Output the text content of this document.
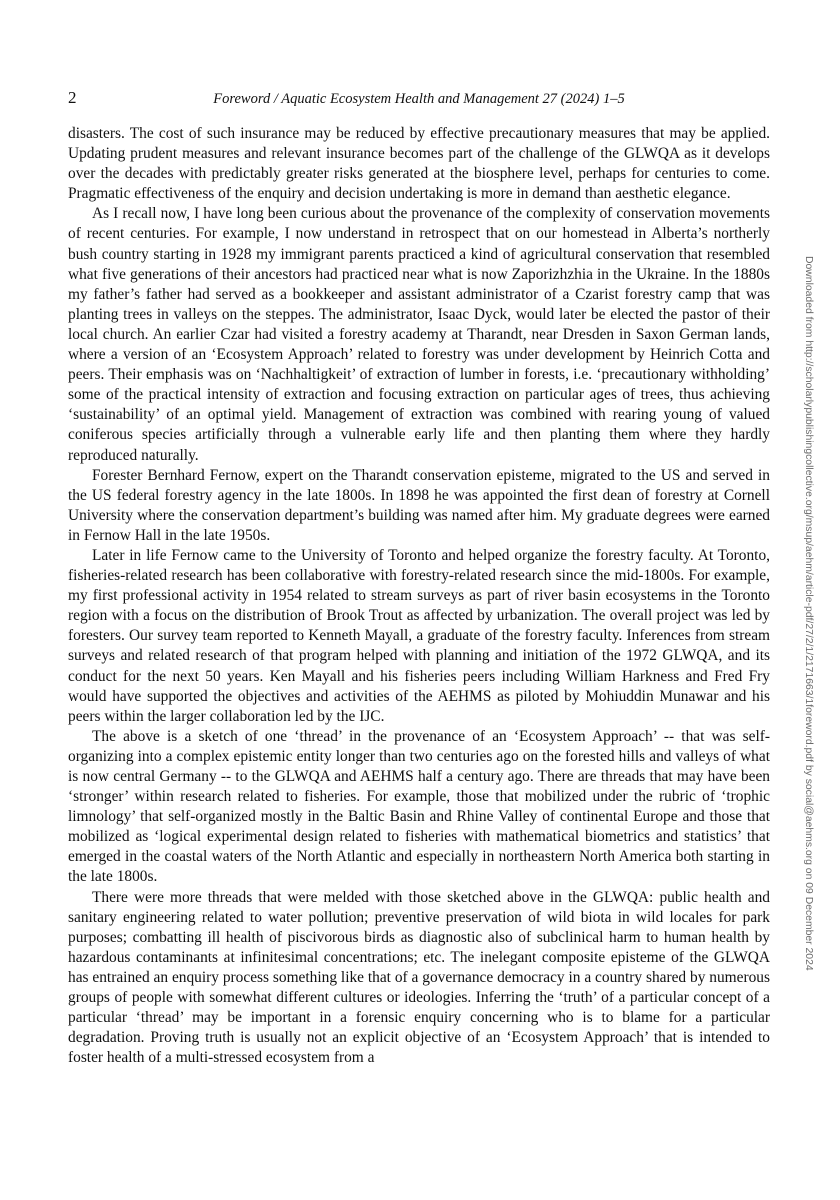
2	Foreword / Aquatic Ecosystem Health and Management 27 (2024) 1–5

disasters. The cost of such insurance may be reduced by effective precautionary measures that may be applied. Updating prudent measures and relevant insurance becomes part of the challenge of the GLWQA as it develops over the decades with predictably greater risks generated at the biosphere level, perhaps for centuries to come. Pragmatic effectiveness of the enquiry and decision undertaking is more in demand than aesthetic elegance.

As I recall now, I have long been curious about the provenance of the complexity of conservation movements of recent centuries. For example, I now understand in retrospect that on our homestead in Alberta’s northerly bush country starting in 1928 my immigrant parents practiced a kind of agricultural conservation that resembled what five generations of their ancestors had practiced near what is now Zaporizhzhia in the Ukraine. In the 1880s my father’s father had served as a bookkeeper and assistant administrator of a Czarist forestry camp that was planting trees in valleys on the steppes. The administrator, Isaac Dyck, would later be elected the pastor of their local church. An earlier Czar had visited a forestry academy at Tharandt, near Dresden in Saxon German lands, where a version of an ‘Ecosystem Approach’ related to forestry was under development by Heinrich Cotta and peers. Their emphasis was on ‘Nachhaltigkeit’ of extraction of lumber in forests, i.e. ‘precautionary withholding’ some of the practical intensity of extraction and focusing extraction on particular ages of trees, thus achieving ‘sustainability’ of an optimal yield. Management of extraction was combined with rearing young of valued coniferous species artificially through a vulnerable early life and then planting them where they hardly reproduced naturally.

Forester Bernhard Fernow, expert on the Tharandt conservation episteme, migrated to the US and served in the US federal forestry agency in the late 1800s. In 1898 he was appointed the first dean of forestry at Cornell University where the conservation department’s building was named after him. My graduate degrees were earned in Fernow Hall in the late 1950s.

Later in life Fernow came to the University of Toronto and helped organize the forestry faculty. At Toronto, fisheries-related research has been collaborative with forestry-related research since the mid-1800s. For example, my first professional activity in 1954 related to stream surveys as part of river basin ecosystems in the Toronto region with a focus on the distribution of Brook Trout as affected by urbanization. The overall project was led by foresters. Our survey team reported to Kenneth Mayall, a graduate of the forestry faculty. Inferences from stream surveys and related research of that program helped with planning and initiation of the 1972 GLWQA, and its conduct for the next 50 years. Ken Mayall and his fisheries peers including William Harkness and Fred Fry would have supported the objectives and activities of the AEHMS as piloted by Mohiuddin Munawar and his peers within the larger collaboration led by the IJC.

The above is a sketch of one ‘thread’ in the provenance of an ‘Ecosystem Approach’ -- that was self-organizing into a complex epistemic entity longer than two centuries ago on the forested hills and valleys of what is now central Germany -- to the GLWQA and AEHMS half a century ago. There are threads that may have been ‘stronger’ within research related to fisheries. For example, those that mobilized under the rubric of ‘trophic limnology’ that self-organized mostly in the Baltic Basin and Rhine Valley of continental Europe and those that mobilized as ‘logical experimental design related to fisheries with mathematical biometrics and statistics’ that emerged in the coastal waters of the North Atlantic and especially in northeastern North America both starting in the late 1800s.

There were more threads that were melded with those sketched above in the GLWQA: public health and sanitary engineering related to water pollution; preventive preservation of wild biota in wild locales for park purposes; combatting ill health of piscivorous birds as diagnostic also of subclinical harm to human health by hazardous contaminants at infinitesimal concentrations; etc. The inelegant composite episteme of the GLWQA has entrained an enquiry process something like that of a governance democracy in a country shared by numerous groups of people with somewhat different cultures or ideologies. Inferring the ‘truth’ of a particular concept of a particular ‘thread’ may be important in a forensic enquiry concerning who is to blame for a particular degradation. Proving truth is usually not an explicit objective of an ‘Ecosystem Approach’ that is intended to foster health of a multi-stressed ecosystem from a

Downloaded from http://scholarlypublishingcollective.org/msup/aehm/article-pdf/27/2/1/2171663/1foreword.pdf by social@aehms.org on 09 December 2024
